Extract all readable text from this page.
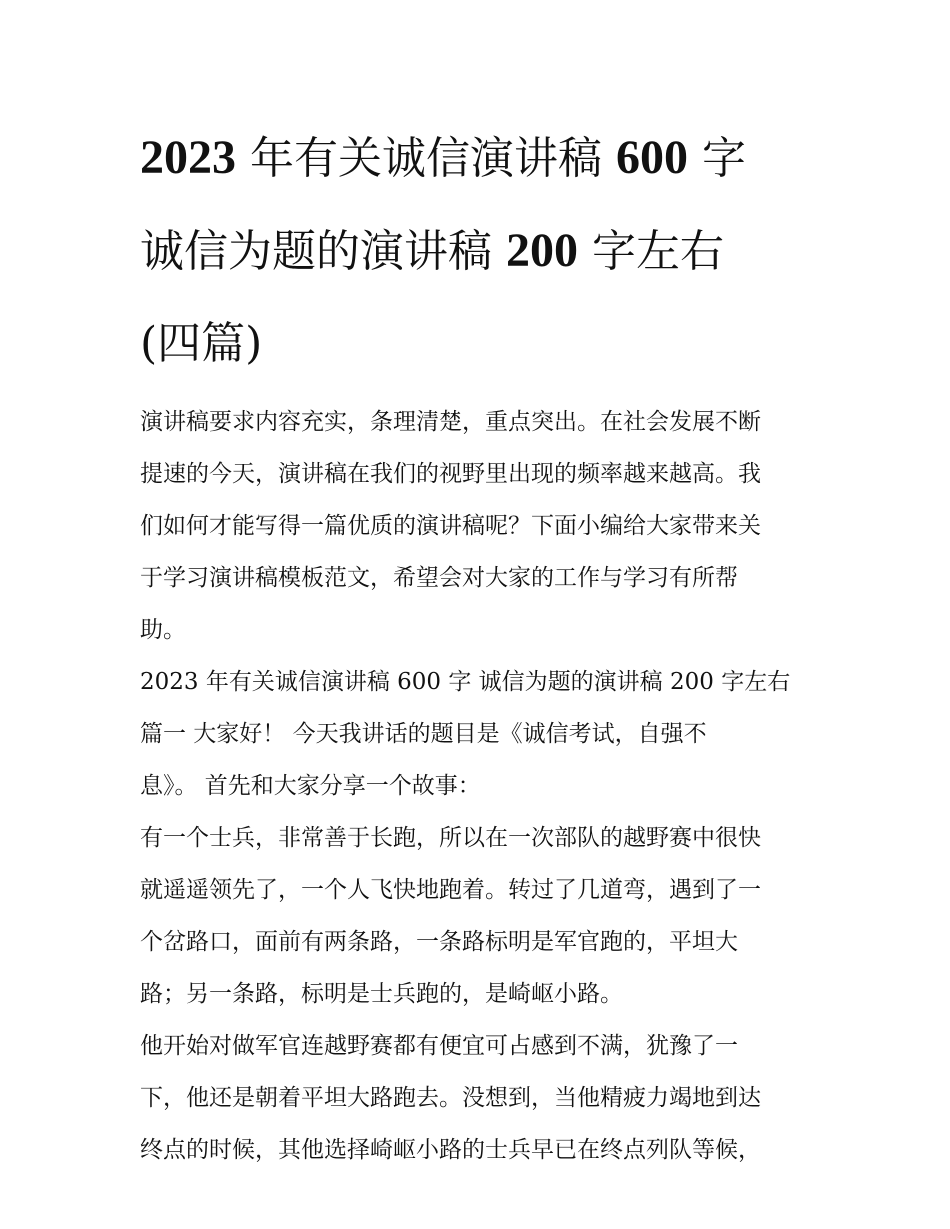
2023 年有关诚信演讲稿 600 字
诚信为题的演讲稿 200 字左右
(四篇)

演讲稿要求内容充实，条理清楚，重点突出。在社会发展不断
提速的今天，演讲稿在我们的视野里出现的频率越来越高。我
们如何才能写得一篇优质的演讲稿呢？下面小编给大家带来关
于学习演讲稿模板范文，希望会对大家的工作与学习有所帮
助。

2023 年有关诚信演讲稿 600 字 诚信为题的演讲稿 200 字左右
篇一 大家好！ 今天我讲话的题目是《诚信考试，自强不
息》。 首先和大家分享一个故事：

有一个士兵，非常善于长跑，所以在一次部队的越野赛中很快
就遥遥领先了，一个人飞快地跑着。转过了几道弯，遇到了一
个岔路口，面前有两条路，一条路标明是军官跑的，平坦大
路；另一条路，标明是士兵跑的，是崎岖小路。

他开始对做军官连越野赛都有便宜可占感到不满，犹豫了一
下，他还是朝着平坦大路跑去。没想到，当他精疲力竭地到达
终点的时候，其他选择崎岖小路的士兵早已在终点列队等候，
